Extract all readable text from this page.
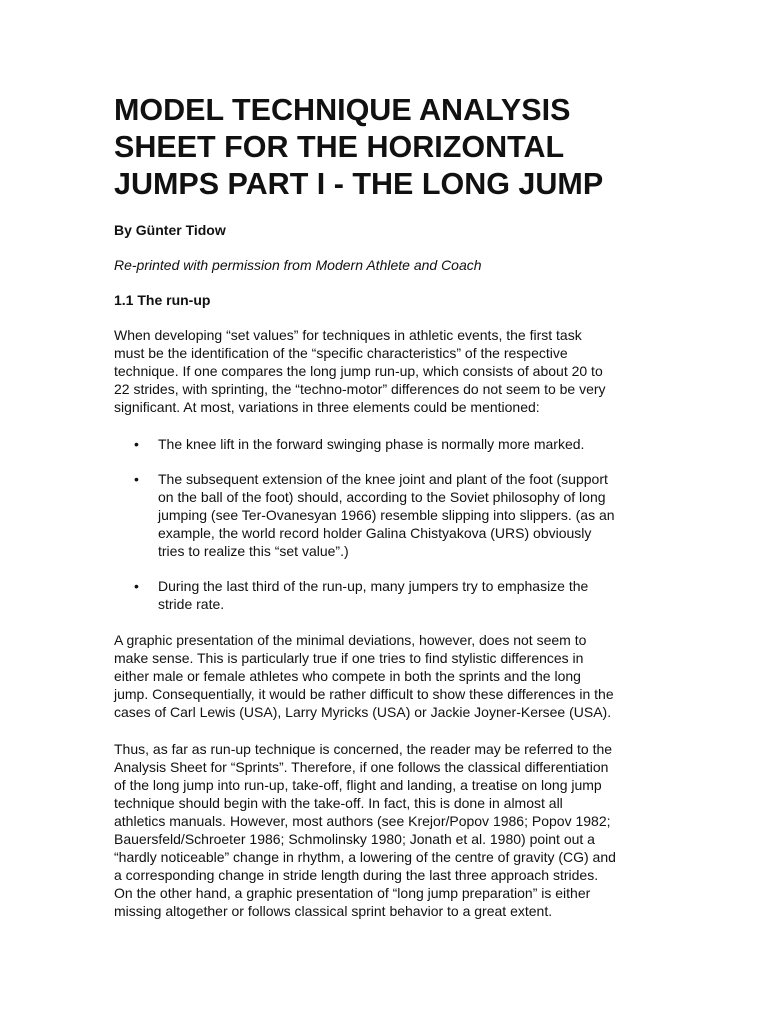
MODEL TECHNIQUE ANALYSIS
SHEET FOR THE HORIZONTAL
JUMPS PART I - THE LONG JUMP

By Günter Tidow

Re-printed with permission from Modern Athlete and Coach

1.1 The run-up

When developing “set values” for techniques in athletic events, the first task
must be the identification of the “specific characteristics” of the respective
technique. If one compares the long jump run-up, which consists of about 20 to
22 strides, with sprinting, the “techno-motor” differences do not seem to be very
significant. At most, variations in three elements could be mentioned:

• The knee lift in the forward swinging phase is normally more marked.
• The subsequent extension of the knee joint and plant of the foot (support
on the ball of the foot) should, according to the Soviet philosophy of long
jumping (see Ter-Ovanesyan 1966) resemble slipping into slippers. (as an
example, the world record holder Galina Chistyakova (URS) obviously
tries to realize this “set value”.)
• During the last third of the run-up, many jumpers try to emphasize the
stride rate.

A graphic presentation of the minimal deviations, however, does not seem to
make sense. This is particularly true if one tries to find stylistic differences in
either male or female athletes who compete in both the sprints and the long
jump. Consequentially, it would be rather difficult to show these differences in the
cases of Carl Lewis (USA), Larry Myricks (USA) or Jackie Joyner-Kersee (USA).

Thus, as far as run-up technique is concerned, the reader may be referred to the
Analysis Sheet for “Sprints”. Therefore, if one follows the classical differentiation
of the long jump into run-up, take-off, flight and landing, a treatise on long jump
technique should begin with the take-off. In fact, this is done in almost all
athletics manuals. However, most authors (see Krejor/Popov 1986; Popov 1982;
Bauersfeld/Schroeter 1986; Schmolinsky 1980; Jonath et al. 1980) point out a
“hardly noticeable” change in rhythm, a lowering of the centre of gravity (CG) and
a corresponding change in stride length during the last three approach strides.
On the other hand, a graphic presentation of “long jump preparation” is either
missing altogether or follows classical sprint behavior to a great extent.
